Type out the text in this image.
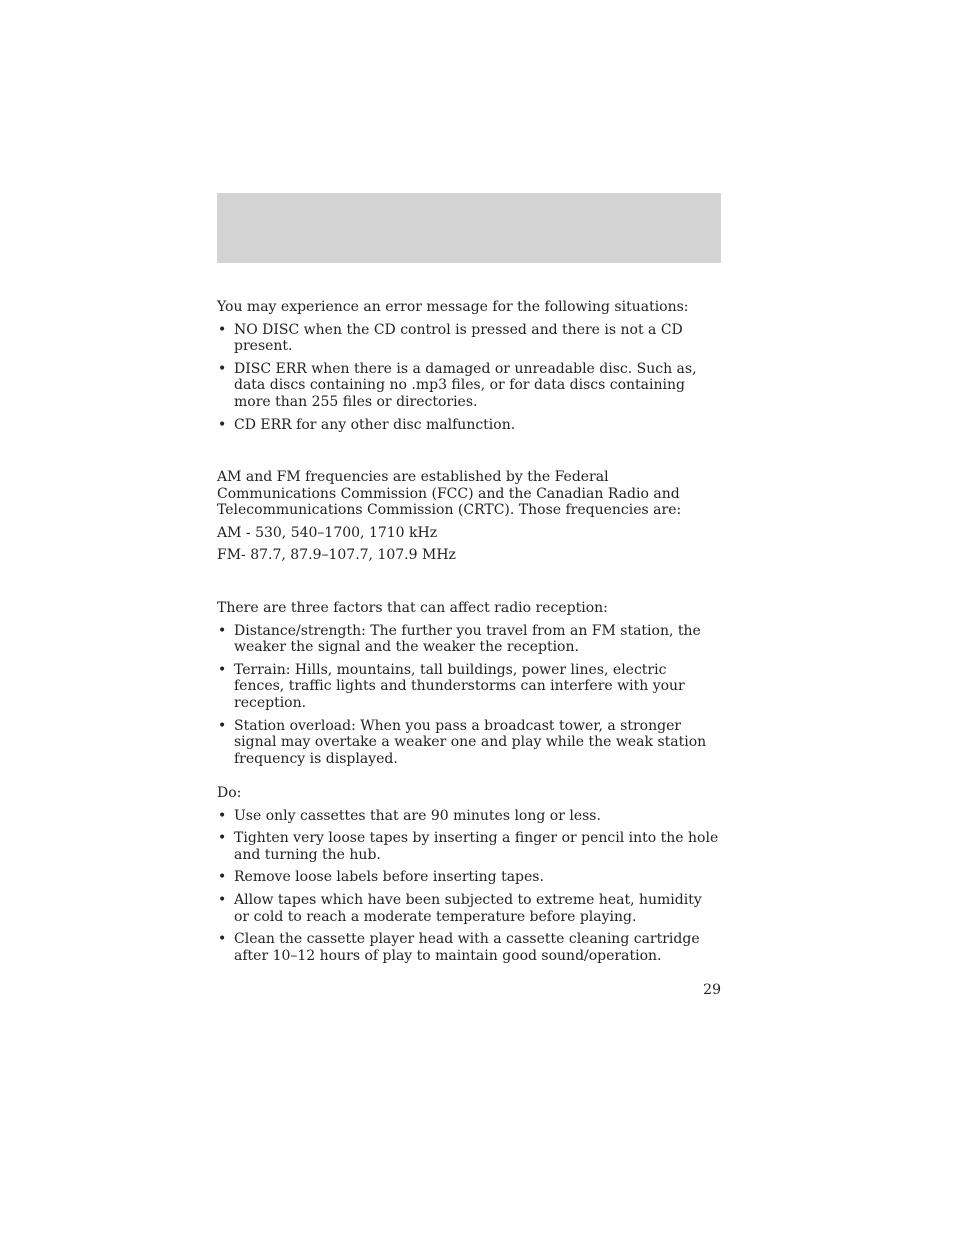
You may experience an error message for the following situations:

• NO DISC when the CD control is pressed and there is not a CD present.
• DISC ERR when there is a damaged or unreadable disc. Such as, data discs containing no .mp3 files, or for data discs containing more than 255 files or directories.
• CD ERR for any other disc malfunction.

AM and FM frequencies are established by the Federal Communications Commission (FCC) and the Canadian Radio and Telecommunications Commission (CRTC). Those frequencies are:

AM - 530, 540–1700, 1710 kHz

FM- 87.7, 87.9–107.7, 107.9 MHz

There are three factors that can affect radio reception:

• Distance/strength: The further you travel from an FM station, the weaker the signal and the weaker the reception.
• Terrain: Hills, mountains, tall buildings, power lines, electric fences, traffic lights and thunderstorms can interfere with your reception.
• Station overload: When you pass a broadcast tower, a stronger signal may overtake a weaker one and play while the weak station frequency is displayed.

Do:

• Use only cassettes that are 90 minutes long or less.
• Tighten very loose tapes by inserting a finger or pencil into the hole and turning the hub.
• Remove loose labels before inserting tapes.
• Allow tapes which have been subjected to extreme heat, humidity or cold to reach a moderate temperature before playing.
• Clean the cassette player head with a cassette cleaning cartridge after 10–12 hours of play to maintain good sound/operation.
29
